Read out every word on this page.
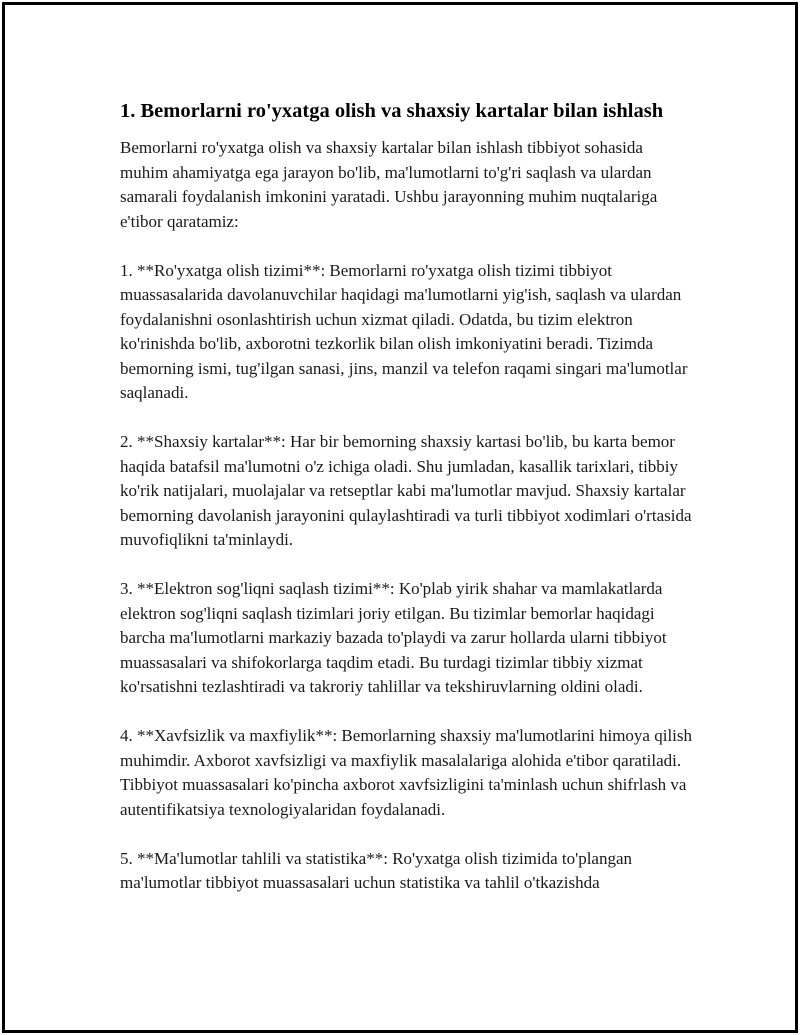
1. Bemorlarni ro'yxatga olish va shaxsiy kartalar bilan ishlash

Bemorlarni ro'yxatga olish va shaxsiy kartalar bilan ishlash tibbiyot sohasida muhim ahamiyatga ega jarayon bo'lib, ma'lumotlarni to'g'ri saqlash va ulardan samarali foydalanish imkonini yaratadi. Ushbu jarayonning muhim nuqtalariga e'tibor qaratamiz:

1. **Ro'yxatga olish tizimi**: Bemorlarni ro'yxatga olish tizimi tibbiyot muassasalarida davolanuvchilar haqidagi ma'lumotlarni yig'ish, saqlash va ulardan foydalanishni osonlashtirish uchun xizmat qiladi. Odatda, bu tizim elektron ko'rinishda bo'lib, axborotni tezkorlik bilan olish imkoniyatini beradi. Tizimda bemorning ismi, tug'ilgan sanasi, jins, manzil va telefon raqami singari ma'lumotlar saqlanadi.

2. **Shaxsiy kartalar**: Har bir bemorning shaxsiy kartasi bo'lib, bu karta bemor haqida batafsil ma'lumotni o'z ichiga oladi. Shu jumladan, kasallik tarixlari, tibbiy ko'rik natijalari, muolajalar va retseptlar kabi ma'lumotlar mavjud. Shaxsiy kartalar bemorning davolanish jarayonini qulaylashtiradi va turli tibbiyot xodimlari o'rtasida muvofiqlikni ta'minlaydi.

3. **Elektron sog'liqni saqlash tizimi**: Ko'plab yirik shahar va mamlakatlarda elektron sog'liqni saqlash tizimlari joriy etilgan. Bu tizimlar bemorlar haqidagi barcha ma'lumotlarni markaziy bazada to'playdi va zarur hollarda ularni tibbiyot muassasalari va shifokorlarga taqdim etadi. Bu turdagi tizimlar tibbiy xizmat ko'rsatishni tezlashtiradi va takroriy tahlillar va tekshiruvlarning oldini oladi.

4. **Xavfsizlik va maxfiylik**: Bemorlarning shaxsiy ma'lumotlarini himoya qilish muhimdir. Axborot xavfsizligi va maxfiylik masalalariga alohida e'tibor qaratiladi. Tibbiyot muassasalari ko'pincha axborot xavfsizligini ta'minlash uchun shifrlash va autentifikatsiya texnologiyalaridan foydalanadi.

5. **Ma'lumotlar tahlili va statistika**: Ro'yxatga olish tizimida to'plangan ma'lumotlar tibbiyot muassasalari uchun statistika va tahlil o'tkazishda
